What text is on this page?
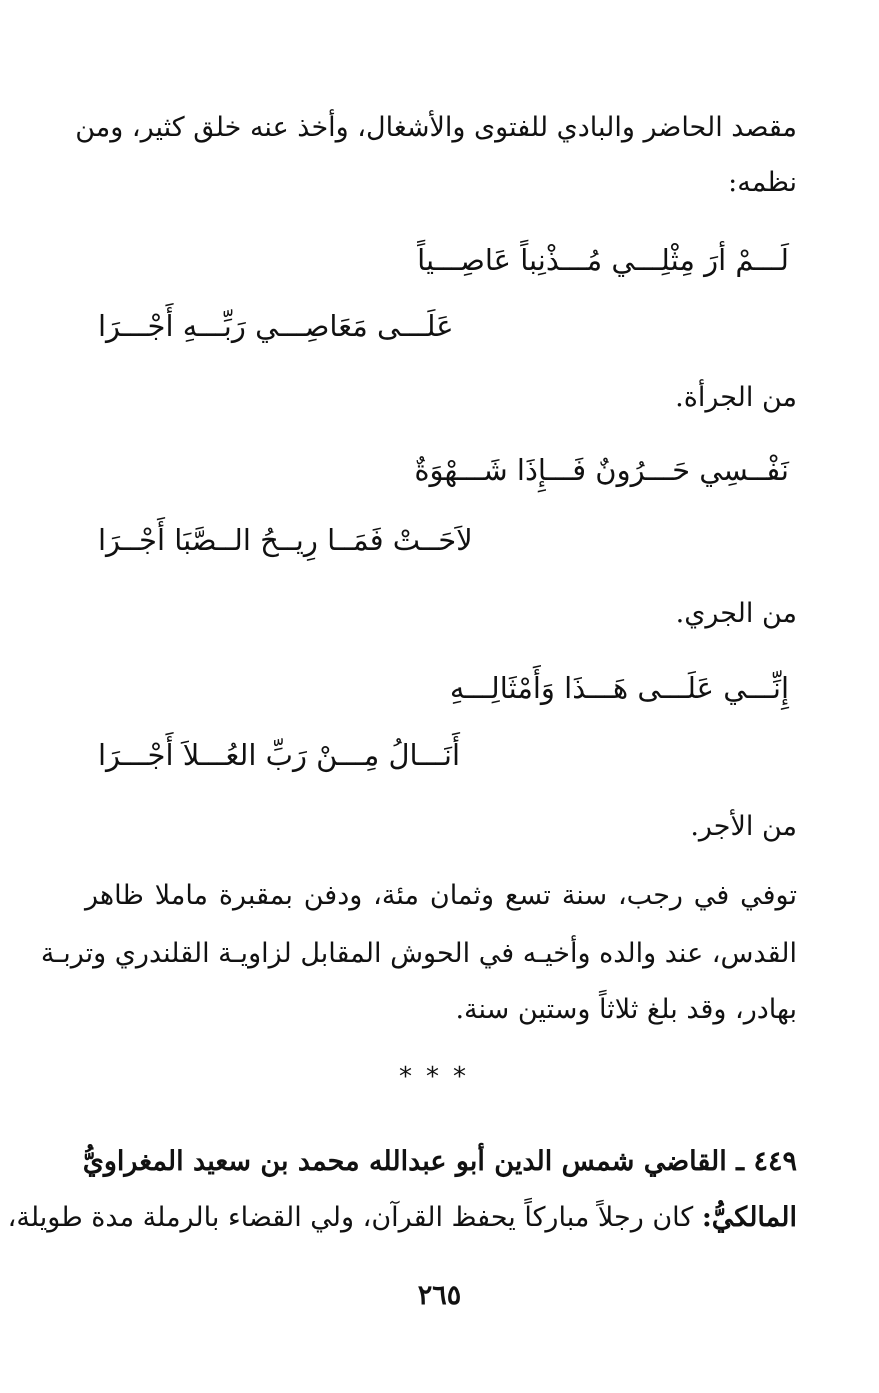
مقصد الحاضر والبادي للفتوى والأشغال، وأخذ عنه خلق كثير، ومن
نظمه:
لَـــمْ أرَ مِثْلِـــي مُـــذْنِباً عَاصِـــياً
عَلَـــى مَعَاصِـــي رَبِّـــهِ أَجْـــرَا
من الجرأة.
نَفْــسِي حَـــرُونٌ فَـــإِذَا شَـــهْوَةٌ
لاَحَــتْ فَمَــا رِيــحُ الــصَّبَا أَجْــرَا
من الجري.
إِنِّـــي عَلَـــى هَـــذَا وَأَمْثَالِـــهِ
أَنَـــالُ مِـــنْ رَبِّ العُـــلاَ أَجْـــرَا
من الأجر.
توفي في رجب، سنة تسع وثمان مئة، ودفن بمقبرة ماملا ظاهر
القدس، عند والده وأخيـه في الحوش المقابل لزاويـة القلندري وتربـة
بهادر، وقد بلغ ثلاثاً وستين سنة.
***
٤٤٩ ـ القاضي شمس الدين أبو عبدالله محمد بن سعيد المغراويُّ
المالكيُّ: كان رجلاً مباركاً يحفظ القرآن، ولي القضاء بالرملة مدة طويلة،
٢٦٥
